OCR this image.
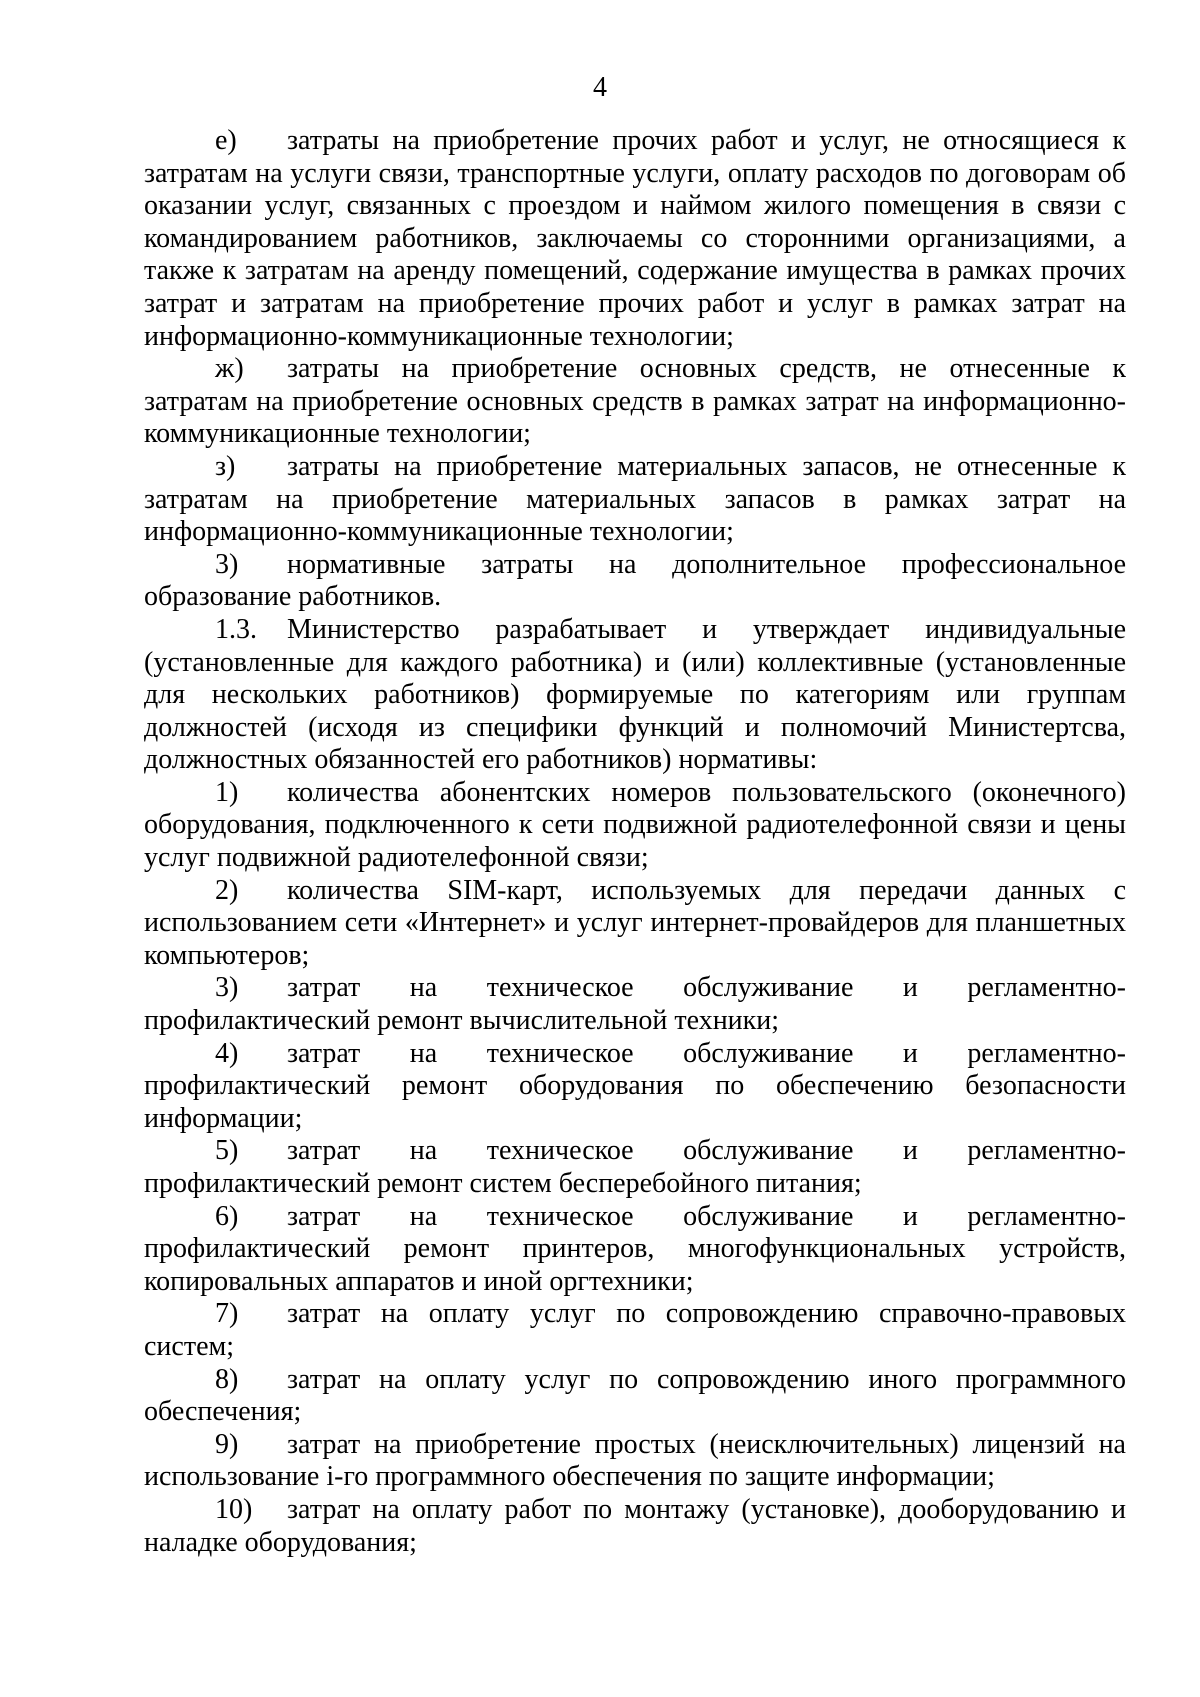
4

е) затраты на приобретение прочих работ и услуг, не относящиеся к затратам на услуги связи, транспортные услуги, оплату расходов по договорам об оказании услуг, связанных с проездом и наймом жилого помещения в связи с командированием работников, заключаемы со сторонними организациями, а также к затратам на аренду помещений, содержание имущества в рамках прочих затрат и затратам на приобретение прочих работ и услуг в рамках затрат на информационно-коммуникационные технологии;

ж) затраты на приобретение основных средств, не отнесенные к затратам на приобретение основных средств в рамках затрат на информационно-коммуникационные технологии;

з) затраты на приобретение материальных запасов, не отнесенные к затратам на приобретение материальных запасов в рамках затрат на информационно-коммуникационные технологии;

3) нормативные затраты на дополнительное профессиональное образование работников.

1.3. Министерство разрабатывает и утверждает индивидуальные (установленные для каждого работника) и (или) коллективные (установленные для нескольких работников) формируемые по категориям или группам должностей (исходя из специфики функций и полномочий Министертсва, должностных обязанностей его работников) нормативы:

1) количества абонентских номеров пользовательского (оконечного) оборудования, подключенного к сети подвижной радиотелефонной связи и цены услуг подвижной радиотелефонной связи;

2) количества SIM-карт, используемых для передачи данных с использованием сети «Интернет» и услуг интернет-провайдеров для планшетных компьютеров;

3) затрат на техническое обслуживание и регламентно-профилактический ремонт вычислительной техники;

4) затрат на техническое обслуживание и регламентно-профилактический ремонт оборудования по обеспечению безопасности информации;

5) затрат на техническое обслуживание и регламентно-профилактический ремонт систем бесперебойного питания;

6) затрат на техническое обслуживание и регламентно-профилактический ремонт принтеров, многофункциональных устройств, копировальных аппаратов и иной оргтехники;

7) затрат на оплату услуг по сопровождению справочно-правовых систем;

8) затрат на оплату услуг по сопровождению иного программного обеспечения;

9) затрат на приобретение простых (неисключительных) лицензий на использование i-го программного обеспечения по защите информации;

10) затрат на оплату работ по монтажу (установке), дооборудованию и наладке оборудования;
